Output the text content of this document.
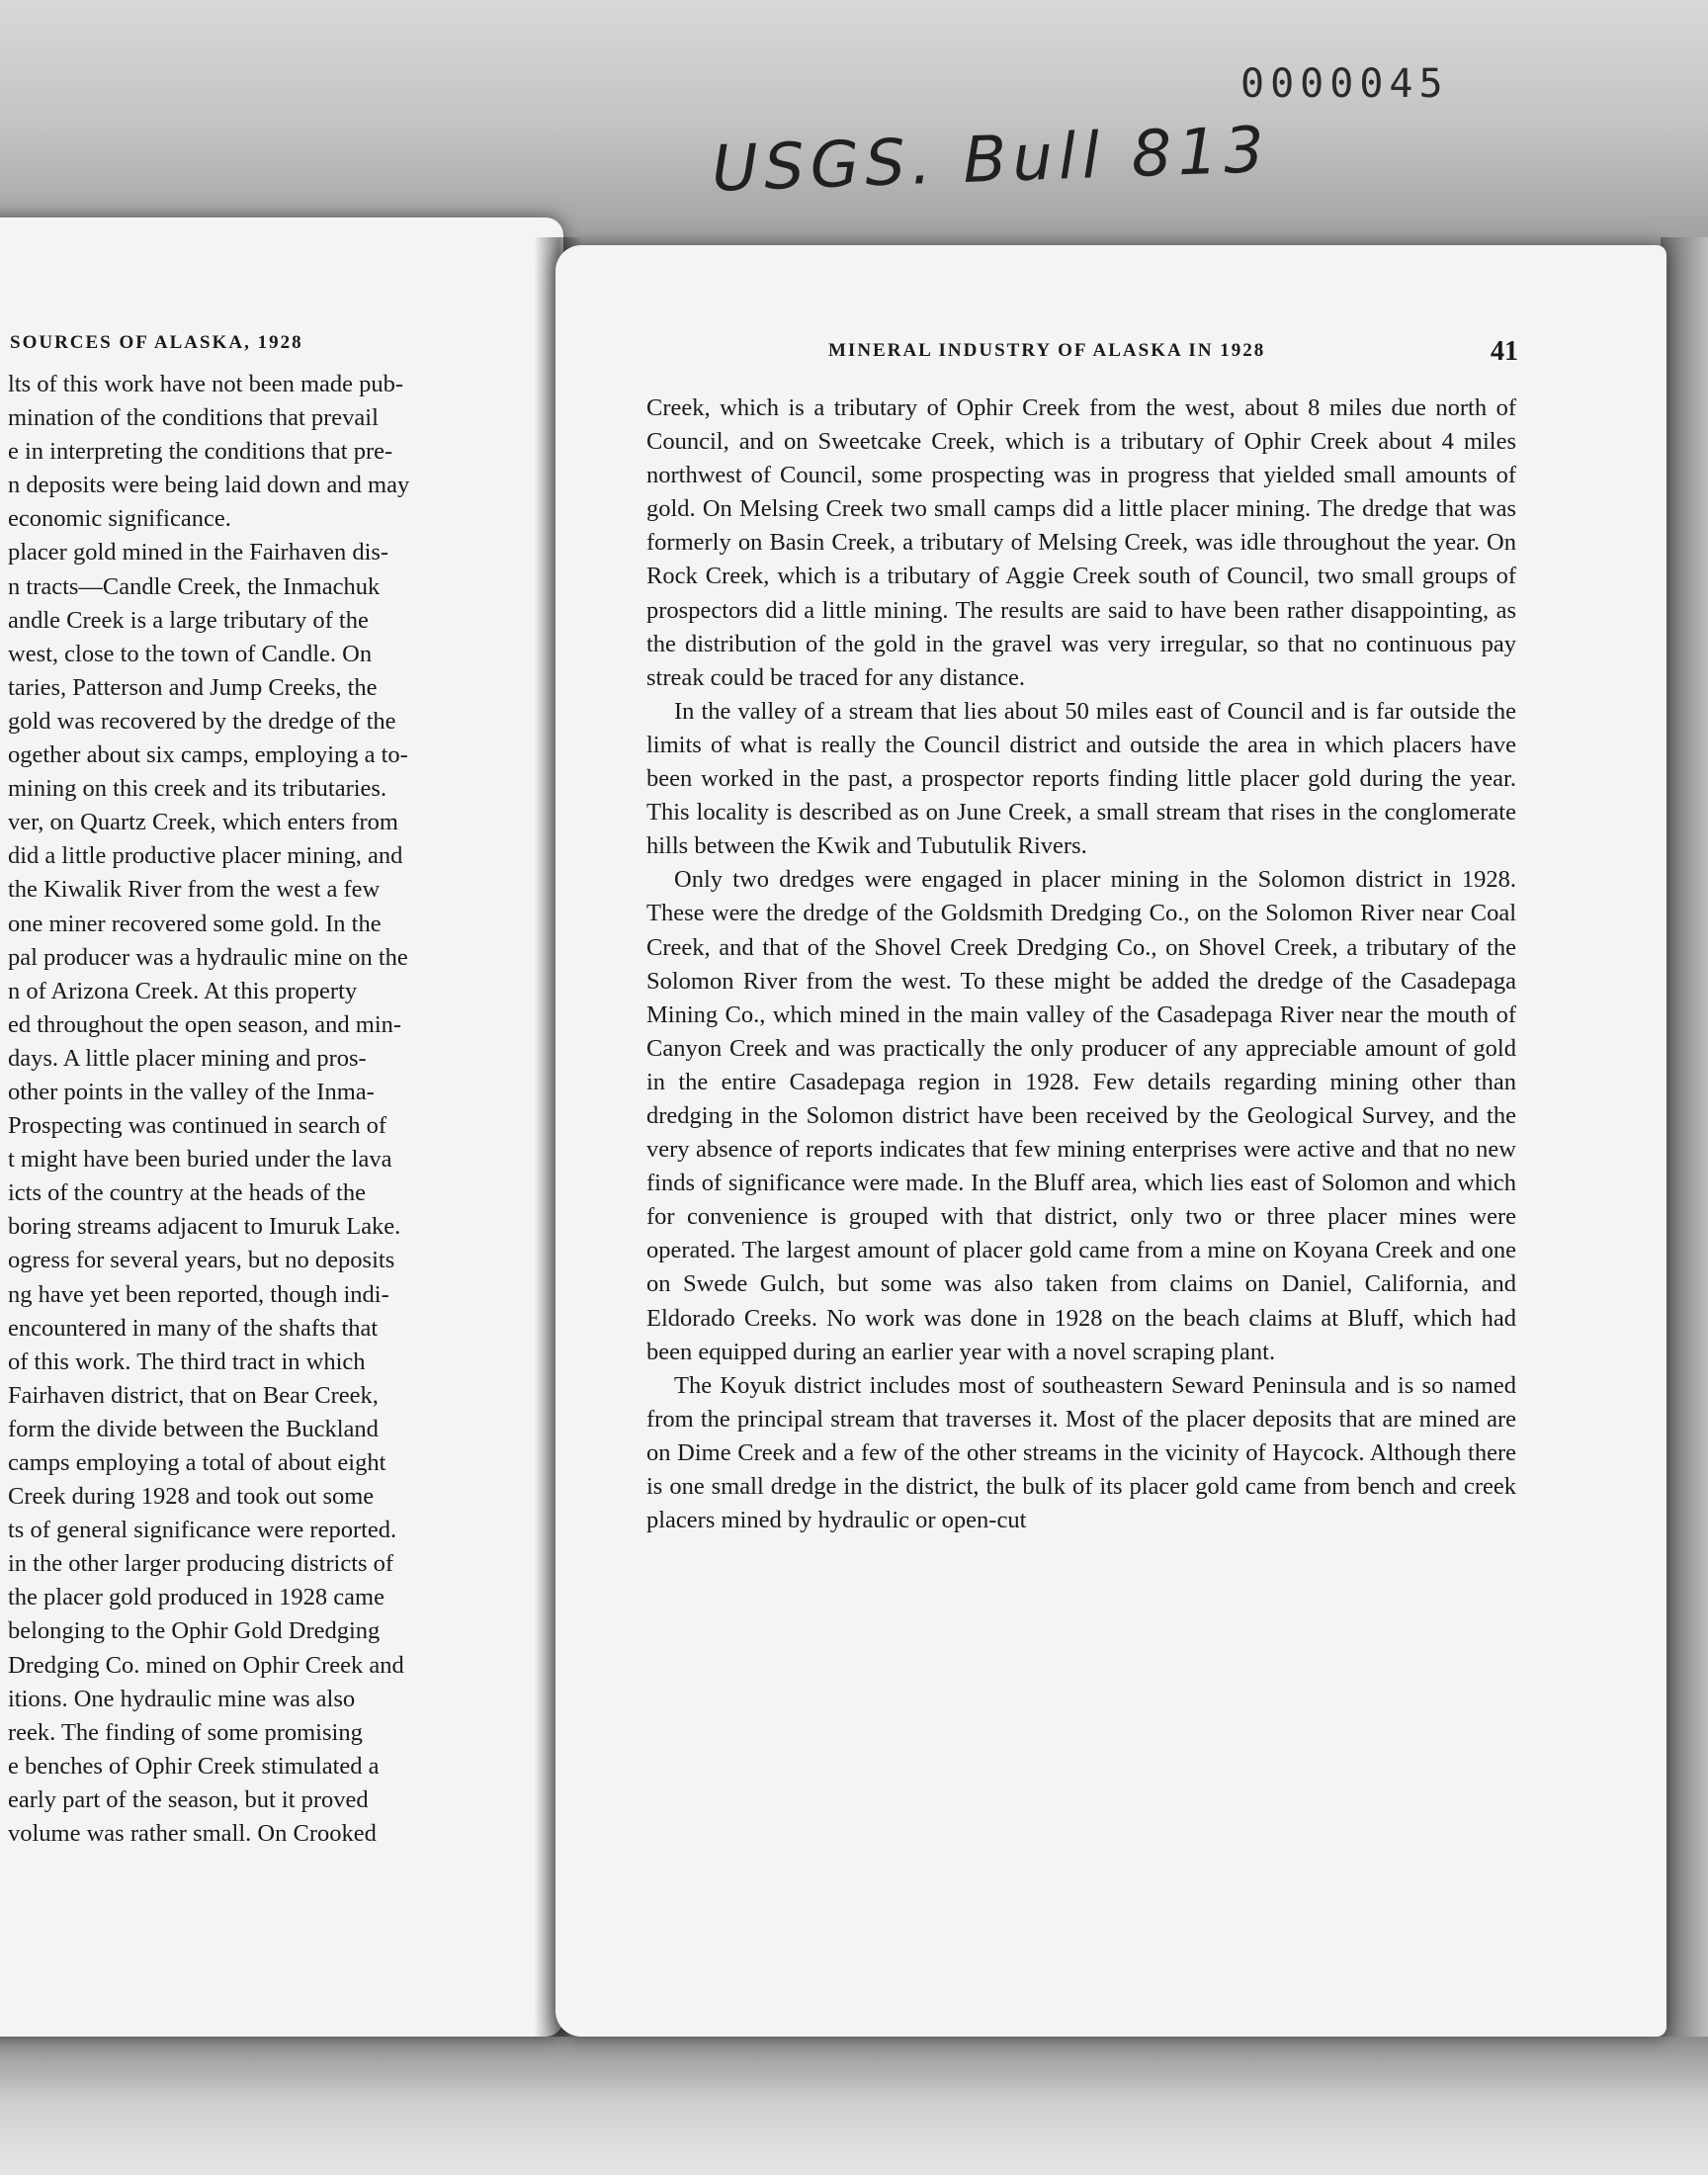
0000045
USGS. Bull 813
SOURCES OF ALASKA, 1928
lts of this work have not been made pub-
mination of the conditions that prevail
e in interpreting the conditions that pre-
n deposits were being laid down and may
economic significance.
placer gold mined in the Fairhaven dis-
n tracts—Candle Creek, the Inmachuk
andle Creek is a large tributary of the
west, close to the town of Candle. On
taries, Patterson and Jump Creeks, the
gold was recovered by the dredge of the
ogether about six camps, employing a to-
mining on this creek and its tributaries.
ver, on Quartz Creek, which enters from
did a little productive placer mining, and
the Kiwalik River from the west a few
one miner recovered some gold. In the
pal producer was a hydraulic mine on the
n of Arizona Creek. At this property
ed throughout the open season, and min-
days. A little placer mining and pros-
other points in the valley of the Inma-
Prospecting was continued in search of
t might have been buried under the lava
icts of the country at the heads of the
boring streams adjacent to Imuruk Lake.
ogress for several years, but no deposits
ng have yet been reported, though indi-
encountered in many of the shafts that
of this work. The third tract in which
Fairhaven district, that on Bear Creek,
form the divide between the Buckland
camps employing a total of about eight
Creek during 1928 and took out some
ts of general significance were reported.
in the other larger producing districts of
the placer gold produced in 1928 came
belonging to the Ophir Gold Dredging
Dredging Co. mined on Ophir Creek and
itions. One hydraulic mine was also
reek. The finding of some promising
e benches of Ophir Creek stimulated a
early part of the season, but it proved
volume was rather small. On Crooked
MINERAL INDUSTRY OF ALASKA IN 1928	41

Creek, which is a tributary of Ophir Creek from the west, about 8 miles due north of Council, and on Sweetcake Creek, which is a tributary of Ophir Creek about 4 miles northwest of Council, some prospecting was in progress that yielded small amounts of gold. On Melsing Creek two small camps did a little placer mining. The dredge that was formerly on Basin Creek, a tributary of Melsing Creek, was idle throughout the year. On Rock Creek, which is a tributary of Aggie Creek south of Council, two small groups of prospectors did a little mining. The results are said to have been rather disappointing, as the distribution of the gold in the gravel was very irregular, so that no continuous pay streak could be traced for any distance.

In the valley of a stream that lies about 50 miles east of Council and is far outside the limits of what is really the Council district and outside the area in which placers have been worked in the past, a prospector reports finding little placer gold during the year. This locality is described as on June Creek, a small stream that rises in the conglomerate hills between the Kwik and Tubutulik Rivers.

Only two dredges were engaged in placer mining in the Solomon district in 1928. These were the dredge of the Goldsmith Dredging Co., on the Solomon River near Coal Creek, and that of the Shovel Creek Dredging Co., on Shovel Creek, a tributary of the Solomon River from the west. To these might be added the dredge of the Casadepaga Mining Co., which mined in the main valley of the Casadepaga River near the mouth of Canyon Creek and was practically the only producer of any appreciable amount of gold in the entire Casadepaga region in 1928. Few details regarding mining other than dredging in the Solomon district have been received by the Geological Survey, and the very absence of reports indicates that few mining enterprises were active and that no new finds of significance were made. In the Bluff area, which lies east of Solomon and which for convenience is grouped with that district, only two or three placer mines were operated. The largest amount of placer gold came from a mine on Koyana Creek and one on Swede Gulch, but some was also taken from claims on Daniel, California, and Eldorado Creeks. No work was done in 1928 on the beach claims at Bluff, which had been equipped during an earlier year with a novel scraping plant.

The Koyuk district includes most of southeastern Seward Peninsula and is so named from the principal stream that traverses it. Most of the placer deposits that are mined are on Dime Creek and a few of the other streams in the vicinity of Haycock. Although there is one small dredge in the district, the bulk of its placer gold came from bench and creek placers mined by hydraulic or open-cut
